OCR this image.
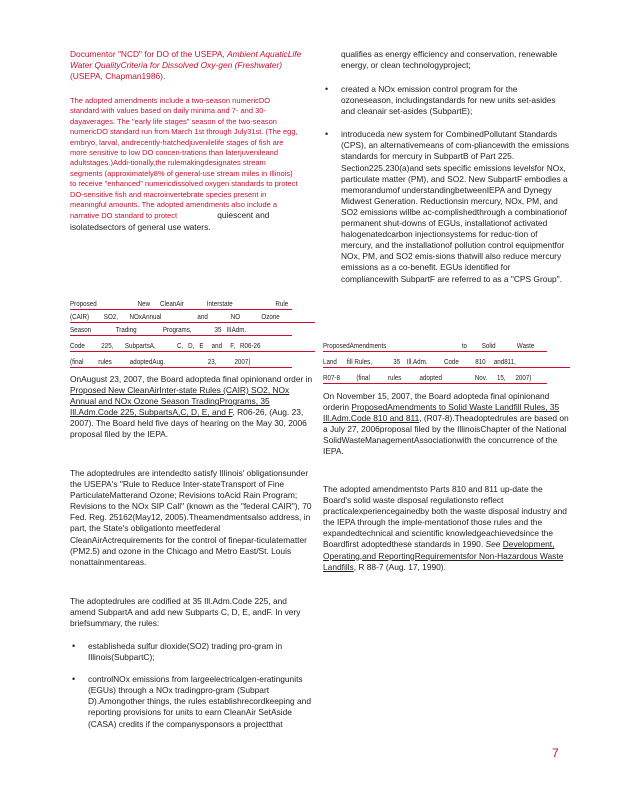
Documentor "NCD" for DO of the USEPA, Ambient AquaticLife Water QualityCriteria for Dissolved Oxy-gen (Freshwater) (USEPA, Chapman1986).

The adopted amendments include a two-season numericDO standard with values based on daily minima and 7- and 30-dayaverages. The "early life stages" season of the two-season numericDO standard run from March 1st through July31st. (The egg, embryo, larval, andrecently-hatchedjuvenilelife stages of fish are more sensitive to low DO concen-trations than laterjuvenileand adultstages.)Addi-tionally,the rulemakingdesignates stream segments (approximately8% of general-use stream miles in Illinois) to receive "enhanced" numericdissolved oxygen standards to protect DO-sensitive fish and macroinvertebrate species present in meaningful amounts. The adopted amendments also include a narrative DO standard to protect	quiescent and isolatedsectors of general use waters.

Proposed	New CleanAir	Interstate	Rule
(CAIR) SO2, NOxAnnual	and	NO	Ozone
Season	Trading	Programs,	35 IIIAdm.
Code 225, SubpartsA,	C, D, E and F, R06-26
(final rules adoptedAug.	23, 2007)

OnAugust 23, 2007, the Board adopteda final opinionand order in Proposed New CleanAirInter-state Rules (CAIR) SO2, NOx Annual and NOx Ozone Season TradingPrograms, 35 Ill.Adm.Code 225, SubpartsA,C, D, E, and F, R06-26, (Aug. 23, 2007). The Board held five days of hearing on the May 30, 2006 proposal filed by the IEPA.

The adoptedrules are intendedto satisfy Illinois' obligationsunder the USEPA's "Rule to Reduce Inter-stateTransport of Fine ParticulateMatterand Ozone; Revisions toAcid Rain Program; Revisions to the NOx SIP Call" (known as the "federal CAIR"), 70 Fed. Reg. 25162(May12, 2005).Theamendmentsalso address, in part, the State's obligationto meetfederal CleanAirActrequirements for the control of finepar-ticulatematter (PM2.5) and ozone in the Chicago and Metro East/St. Louis nonattainmentareas.

The adoptedrules are codified at 35 Ill.Adm.Code 225, and amend SubpartA and add new Subparts C, D, E, andF. In very briefsummary, the rules:

• establisheda sulfur dioxide(SO2) trading pro-gram in Illinois(SubpartC);
• controlNOx emissions from largeelectricalgen-eratingunits (EGUs) through a NOx tradingpro-gram (Subpart D).Amongother things, the rules establishrecordkeeping and reporting provisions for units to earn CleanAir SetAside (CASA) credits if the companysponsors a projectthat

qualifies as energy efficiency and conservation, renewable energy, or clean technologyproject;

• created a NOx emission control program for the ozoneseason, includingstandards for new units set-asides and cleanair set-asides (SubpartE);
• introduceda new system for CombinedPollutant Standards (CPS), an alternativemeans of com-pliancewith the emissions standards for mercury in SubpartB of Part 225. Section225.230(a)and sets specific emissions levelsfor NOx, particulate matter (PM), and SO2. New SubpartF embodies a memorandumof understandingbetweenIEPA and Dynegy Midwest Generation. Reductionsin mercury, NOx, PM, and SO2 emissions willbe ac-complishedthrough a combinationof permanent shut-downs of EGUs, installationof activated halogenatedcarbon injectionsystems for reduc-tion of mercury, and the installationof pollution control equipmentfor NOx, PM, and SO2 emis-sions thatwill also reduce mercury emissions as a co-benefit. EGUs identified for compliancewith SubpartF are referred to as a "CPS Group".
ProposedAmendments	to Solid	Waste
Land fill Rules,	35 Ill.Adm. Code 810 and811,
R07-8 (final rules adopted	Nov. 15, 2007)

On November 15, 2007, the Board adopteda final opinionand orderin ProposedAmendments to Solid Waste Landfill Rules, 35 Ill.Adm.Code 810 and 811, (R07-8).Theadoptedrules are based on a July 27, 2006proposal filed by the IllinoisChapter of the National SolidWasteManagementAssociationwith the concurrence of the IEPA.

The adopted amendmentsto Parts 810 and 811 up-date the Board's solid waste disposal regulationsto reflect practicalexperiencegainedby both the waste disposal industry and the IEPA through the imple-mentationof those rules and the expandedtechnical and scientific knowledgeachievedsince the Boardfirst adoptedthese standards in 1990. See Development, Operating,and ReportingRequirementsfor Non-Hazardous Waste Landfills, R 88-7 (Aug. 17, 1990).

7
